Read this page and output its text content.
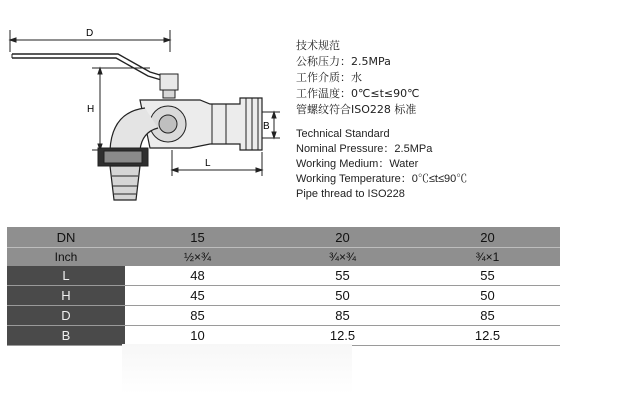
D
H
B
L
技术规范
公称压力：2.5MPa
工作介质：水
工作温度：0℃≤t≤90℃
管螺纹符合ISO228 标准
Technical Standard
Nominal Pressure：2.5MPa
Working Medium：Water
Working Temperature：0℃≤t≤90℃
Pipe thread to ISO228
DN	15	20	20
Inch	½×¾	¾×¾	¾×1
L	48	55	55
H	45	50	50
D	85	85	85
B	10	12.5	12.5
